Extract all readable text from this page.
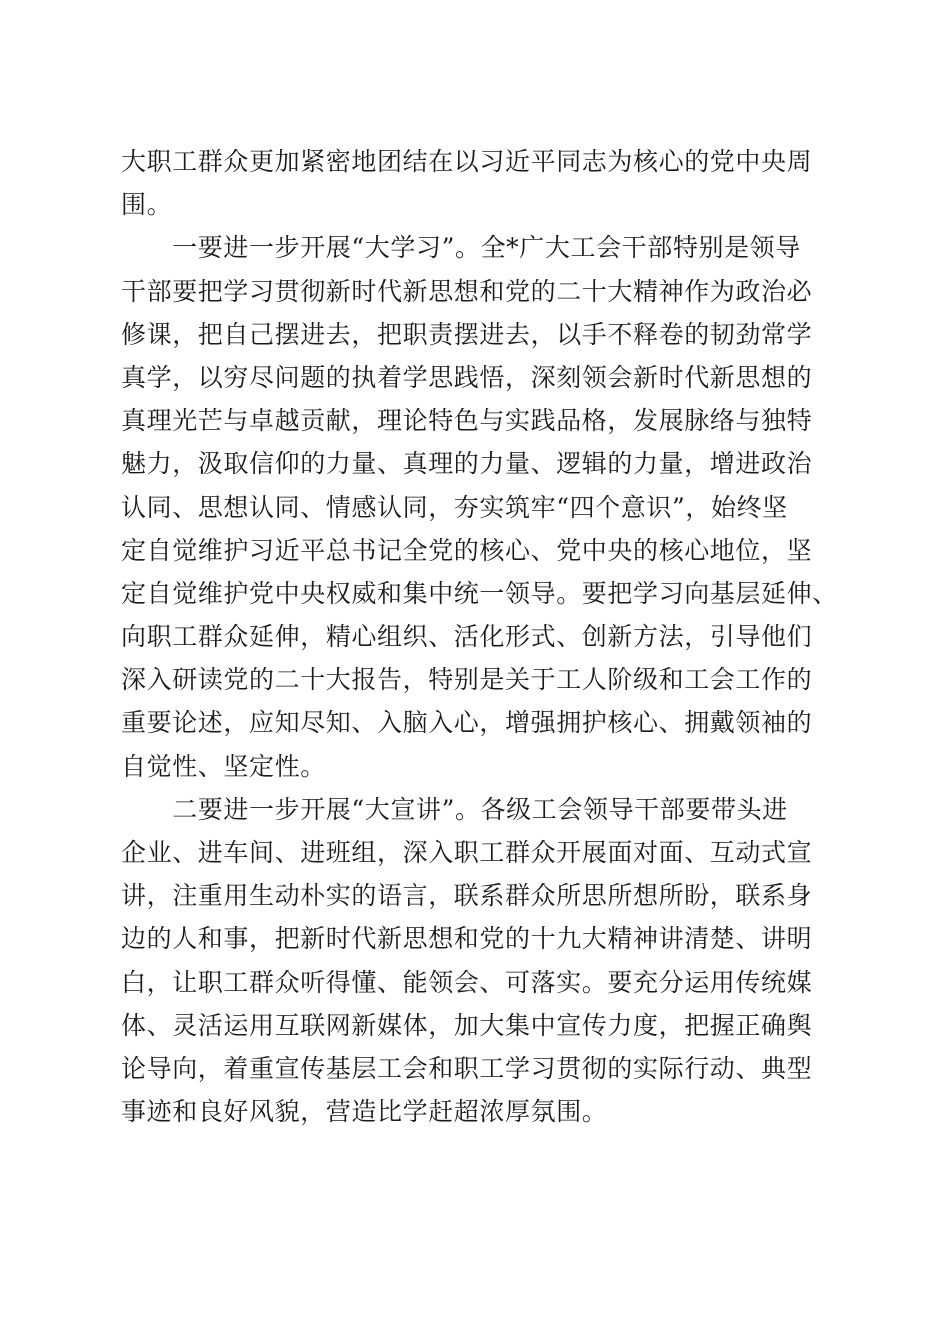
大职工群众更加紧密地团结在以习近平同志为核心的党中央周
围。
　　一要进一步开展“大学习”。全*广大工会干部特别是领导
干部要把学习贯彻新时代新思想和党的二十大精神作为政治必
修课，把自己摆进去，把职责摆进去，以手不释卷的韧劲常学
真学，以穷尽问题的执着学思践悟，深刻领会新时代新思想的
真理光芒与卓越贡献，理论特色与实践品格，发展脉络与独特
魅力，汲取信仰的力量、真理的力量、逻辑的力量，增进政治
认同、思想认同、情感认同，夯实筑牢“四个意识”，始终坚
定自觉维护习近平总书记全党的核心、党中央的核心地位，坚
定自觉维护党中央权威和集中统一领导。要把学习向基层延伸、
向职工群众延伸，精心组织、活化形式、创新方法，引导他们
深入研读党的二十大报告，特别是关于工人阶级和工会工作的
重要论述，应知尽知、入脑入心，增强拥护核心、拥戴领袖的
自觉性、坚定性。
　　二要进一步开展“大宣讲”。各级工会领导干部要带头进
企业、进车间、进班组，深入职工群众开展面对面、互动式宣
讲，注重用生动朴实的语言，联系群众所思所想所盼，联系身
边的人和事，把新时代新思想和党的十九大精神讲清楚、讲明
白，让职工群众听得懂、能领会、可落实。要充分运用传统媒
体、灵活运用互联网新媒体，加大集中宣传力度，把握正确舆
论导向，着重宣传基层工会和职工学习贯彻的实际行动、典型
事迹和良好风貌，营造比学赶超浓厚氛围。
